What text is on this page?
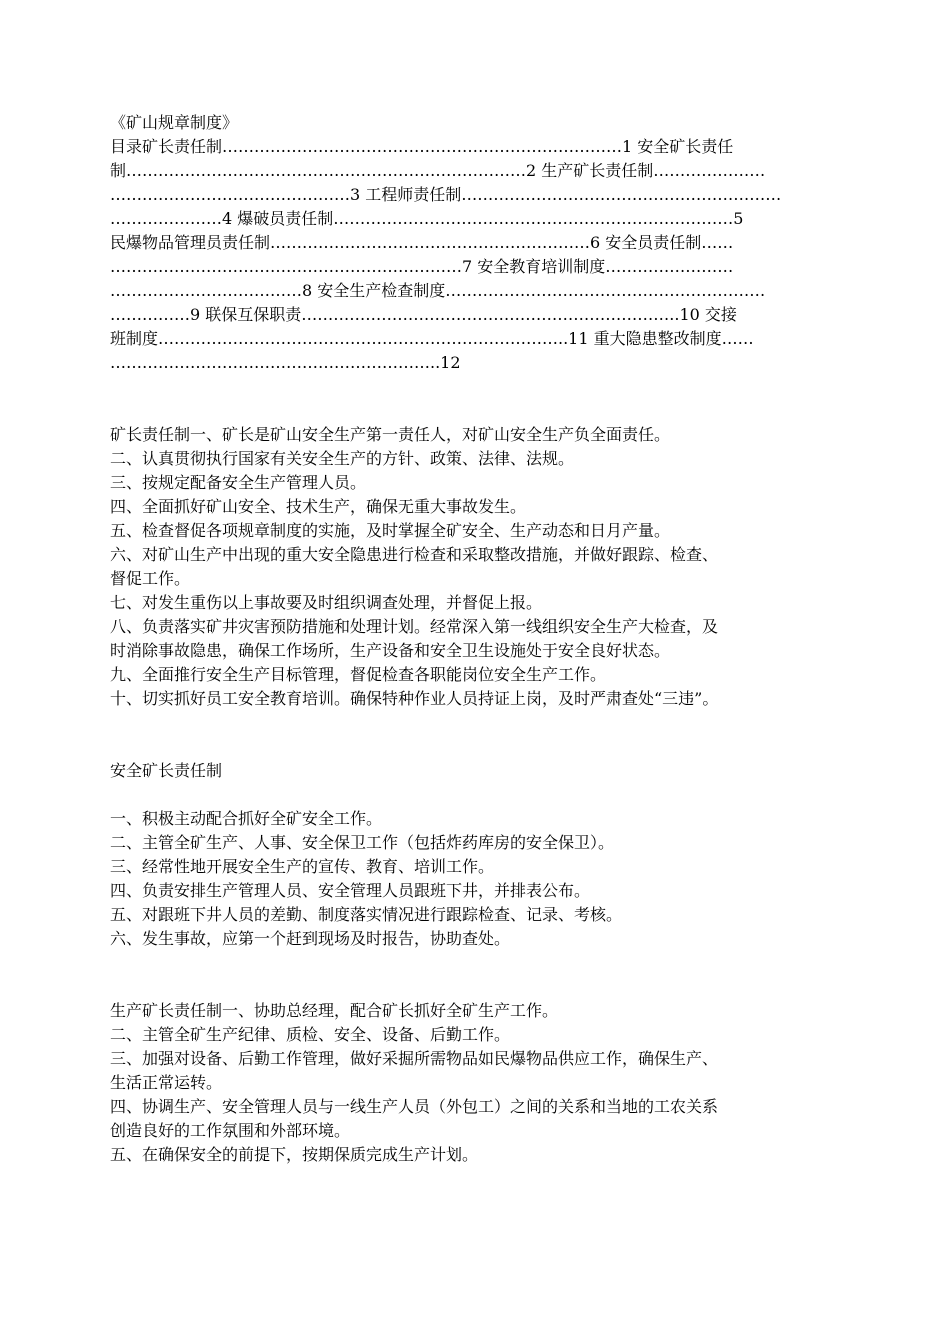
《矿山规章制度》
目录矿长责任制…………………………………………………………………1 安全矿长责任
制…………………………………………………………………2 生产矿长责任制…………………
………………………………………3 工程师责任制……………………………………………………
…………………4 爆破员责任制…………………………………………………………………5
民爆物品管理员责任制……………………………………………………6 安全员责任制……
…………………………………………………………7 安全教育培训制度……………………
………………………………8 安全生产检查制度……………………………………………………
……………9 联保互保职责……………………………………………………………..10 交接
班制度…………………………………………………………………..11 重大隐患整改制度……
……………………………………………………..12
矿长责任制一、矿长是矿山安全生产第一责任人，对矿山安全生产负全面责任。
二、认真贯彻执行国家有关安全生产的方针、政策、法律、法规。
三、按规定配备安全生产管理人员。
四、全面抓好矿山安全、技术生产，确保无重大事故发生。
五、检查督促各项规章制度的实施，及时掌握全矿安全、生产动态和日月产量。
六、对矿山生产中出现的重大安全隐患进行检查和采取整改措施，并做好跟踪、检查、
督促工作。
七、对发生重伤以上事故要及时组织调查处理，并督促上报。
八、负责落实矿井灾害预防措施和处理计划。经常深入第一线组织安全生产大检查，及
时消除事故隐患，确保工作场所，生产设备和安全卫生设施处于安全良好状态。
九、全面推行安全生产目标管理，督促检查各职能岗位安全生产工作。
十、切实抓好员工安全教育培训。确保特种作业人员持证上岗，及时严肃查处“三违”。
安全矿长责任制
一、积极主动配合抓好全矿安全工作。
二、主管全矿生产、人事、安全保卫工作（包括炸药库房的安全保卫）。
三、经常性地开展安全生产的宣传、教育、培训工作。
四、负责安排生产管理人员、安全管理人员跟班下井，并排表公布。
五、对跟班下井人员的差勤、制度落实情况进行跟踪检查、记录、考核。
六、发生事故，应第一个赶到现场及时报告，协助查处。
生产矿长责任制一、协助总经理，配合矿长抓好全矿生产工作。
二、主管全矿生产纪律、质检、安全、设备、后勤工作。
三、加强对设备、后勤工作管理，做好采掘所需物品如民爆物品供应工作，确保生产、
生活正常运转。
四、协调生产、安全管理人员与一线生产人员（外包工）之间的关系和当地的工农关系
创造良好的工作氛围和外部环境。
五、在确保安全的前提下，按期保质完成生产计划。
